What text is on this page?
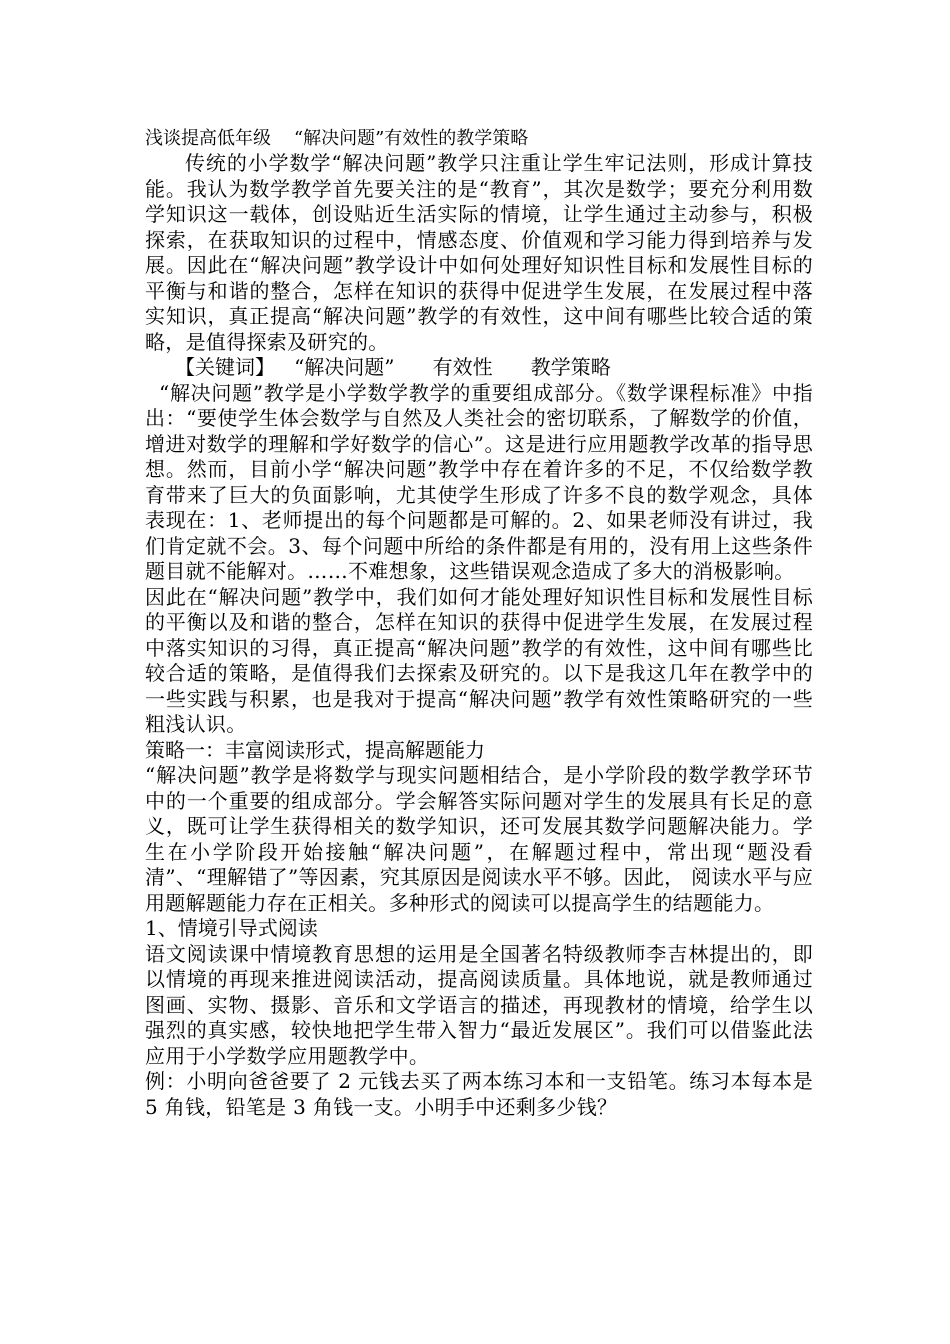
浅谈提高低年级    “解决问题”有效性的教学策略

传统的小学数学“解决问题”教学只注重让学生牢记法则，形成计算技能。我认为数学教学首先要关注的是“教育”，其次是数学；要充分利用数学知识这一载体，创设贴近生活实际的情境，让学生通过主动参与，积极探索，在获取知识的过程中，情感态度、价值观和学习能力得到培养与发展。因此在“解决问题”教学设计中如何处理好知识性目标和发展性目标的平衡与和谐的整合，怎样在知识的获得中促进学生发展，在发展过程中落实知识，真正提高“解决问题”教学的有效性，这中间有哪些比较合适的策略，是值得探索及研究的。

【关键词】   “解决问题”      有效性      教学策略

“解决问题”教学是小学数学教学的重要组成部分。《数学课程标准》中指出：“要使学生体会数学与自然及人类社会的密切联系，了解数学的价值，增进对数学的理解和学好数学的信心”。这是进行应用题教学改革的指导思想。然而，目前小学“解决问题”教学中存在着许多的不足，不仅给数学教育带来了巨大的负面影响，尤其使学生形成了许多不良的数学观念，具体表现在：1、老师提出的每个问题都是可解的。2、如果老师没有讲过，我们肯定就不会。3、每个问题中所给的条件都是有用的，没有用上这些条件题目就不能解对。……不难想象，这些错误观念造成了多大的消极影响。

因此在“解决问题”教学中，我们如何才能处理好知识性目标和发展性目标的平衡以及和谐的整合，怎样在知识的获得中促进学生发展，在发展过程中落实知识的习得，真正提高“解决问题”教学的有效性，这中间有哪些比较合适的策略，是值得我们去探索及研究的。以下是我这几年在教学中的一些实践与积累，也是我对于提高“解决问题”教学有效性策略研究的一些粗浅认识。

策略一：丰富阅读形式，提高解题能力

“解决问题”教学是将数学与现实问题相结合，是小学阶段的数学教学环节中的一个重要的组成部分。学会解答实际问题对学生的发展具有长足的意义，既可让学生获得相关的数学知识，还可发展其数学问题解决能力。学生在小学阶段开始接触“解决问题”，在解题过程中，常出现“题没看清”、“理解错了”等因素，究其原因是阅读水平不够。因此， 阅读水平与应用题解题能力存在正相关。多种形式的阅读可以提高学生的结题能力。

1、情境引导式阅读

语文阅读课中情境教育思想的运用是全国著名特级教师李吉林提出的，即以情境的再现来推进阅读活动，提高阅读质量。具体地说，就是教师通过图画、实物、摄影、音乐和文学语言的描述，再现教材的情境，给学生以强烈的真实感，较快地把学生带入智力“最近发展区”。我们可以借鉴此法应用于小学数学应用题教学中。

例：小明向爸爸要了 2 元钱去买了两本练习本和一支铅笔。练习本每本是 5 角钱，铅笔是 3 角钱一支。小明手中还剩多少钱？
